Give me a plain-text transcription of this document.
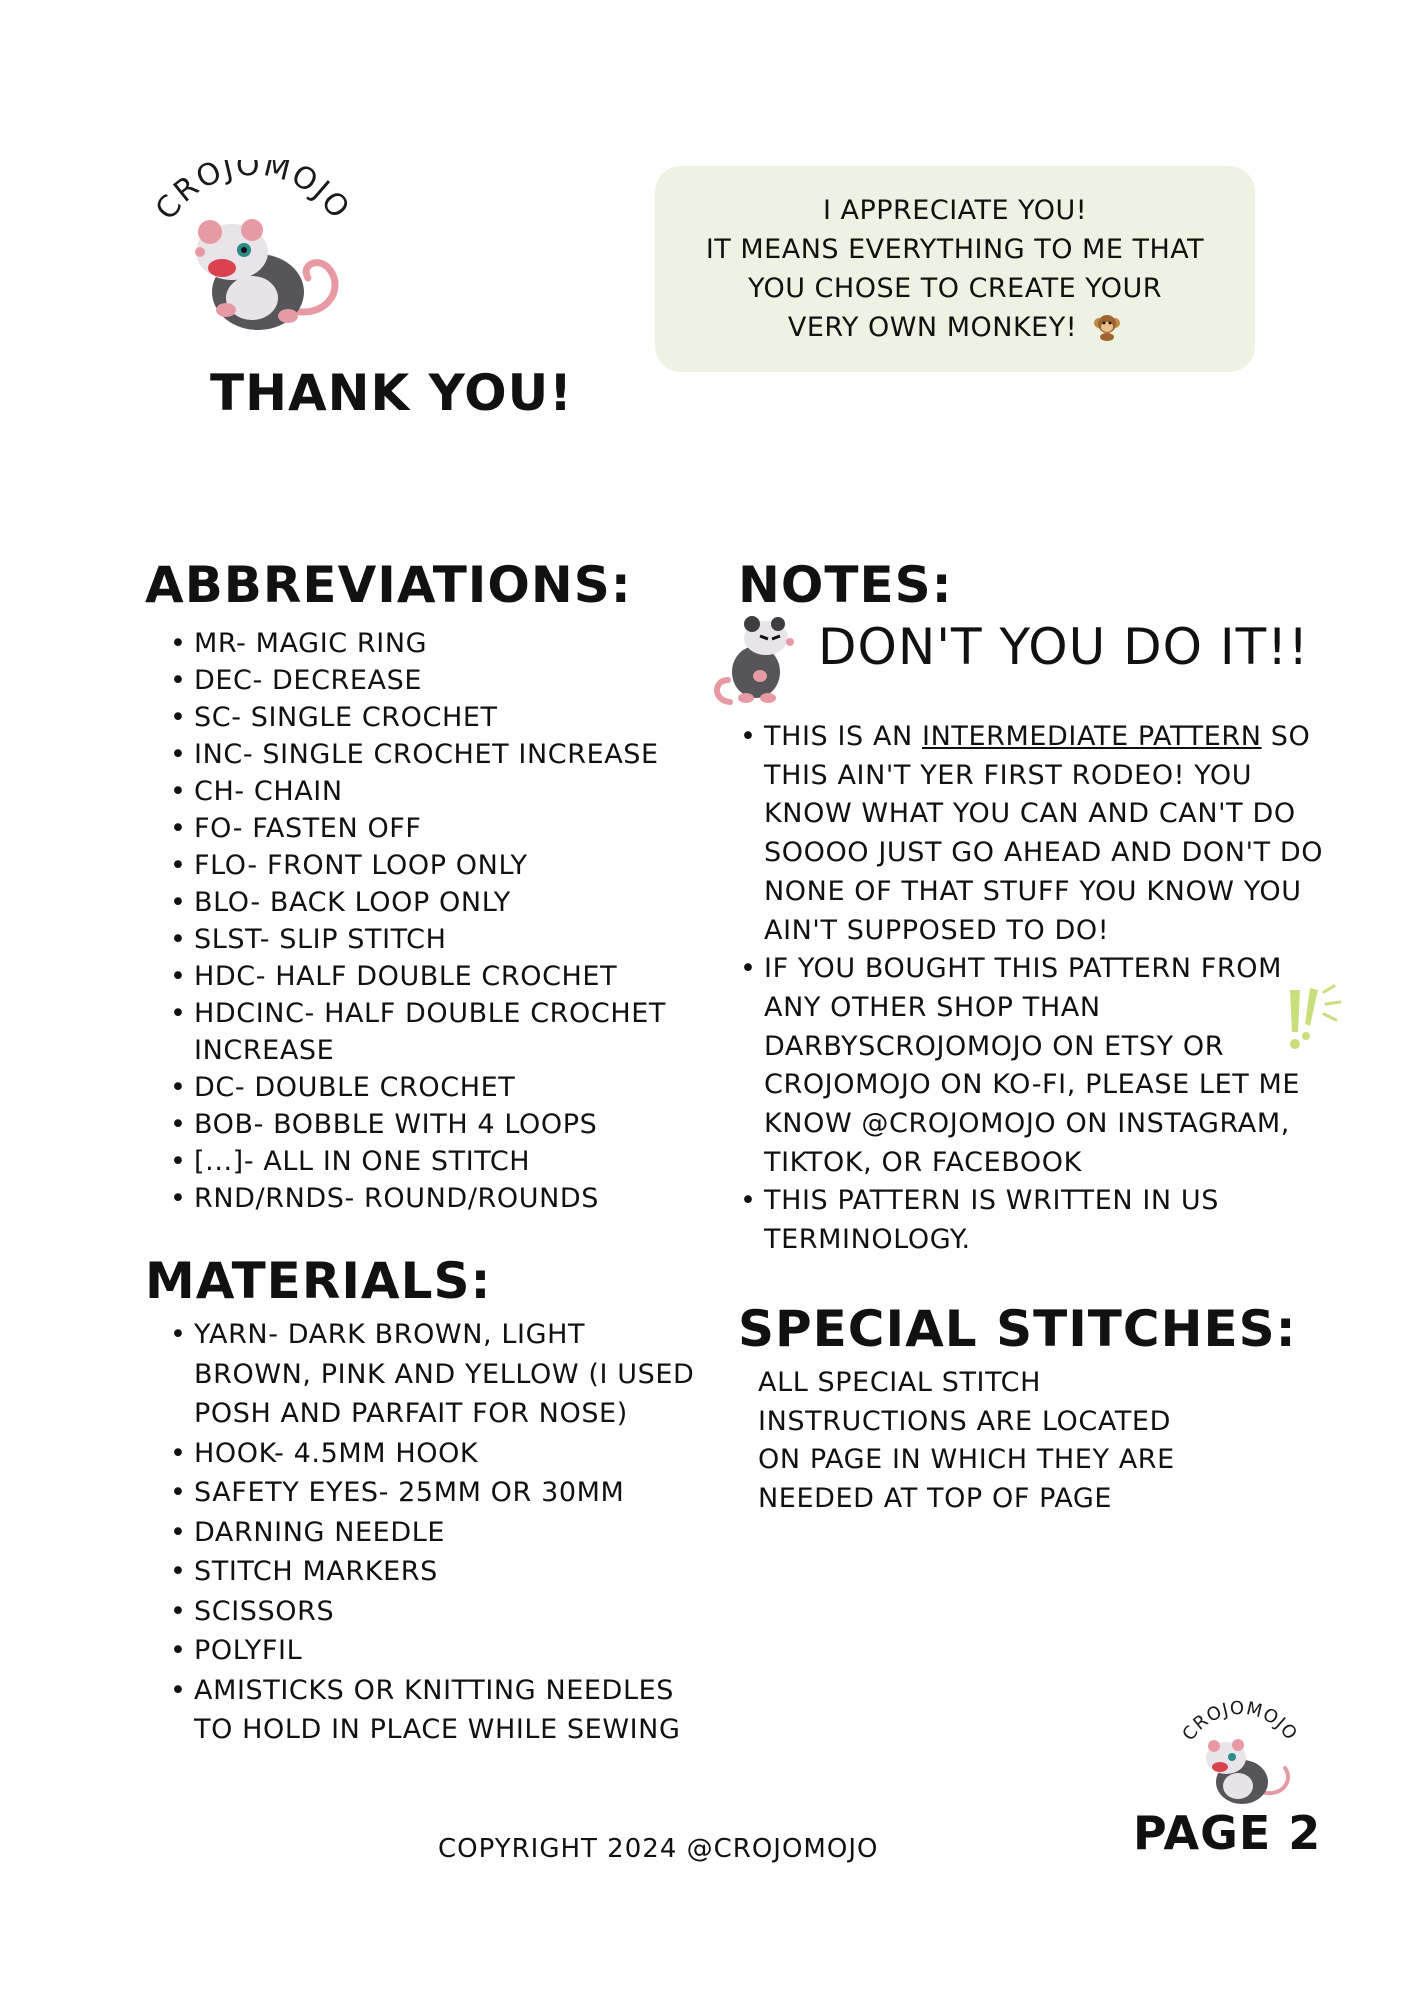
CROJOMOJO
THANK YOU!
I APPRECIATE YOU!
IT MEANS EVERYTHING TO ME THAT
YOU CHOSE TO CREATE YOUR
VERY OWN MONKEY!
ABBREVIATIONS:
• MR- MAGIC RING
• DEC- DECREASE
• SC- SINGLE CROCHET
• INC- SINGLE CROCHET INCREASE
• CH- CHAIN
• FO- FASTEN OFF
• FLO- FRONT LOOP ONLY
• BLO- BACK LOOP ONLY
• SLST- SLIP STITCH
• HDC- HALF DOUBLE CROCHET
• HDCINC- HALF DOUBLE CROCHET INCREASE
• DC- DOUBLE CROCHET
• BOB- BOBBLE WITH 4 LOOPS
• [...]- ALL IN ONE STITCH
• RND/RNDS- ROUND/ROUNDS
MATERIALS:
• YARN- DARK BROWN, LIGHT BROWN, PINK AND YELLOW (I USED POSH AND PARFAIT FOR NOSE)
• HOOK- 4.5MM HOOK
• SAFETY EYES- 25MM OR 30MM
• DARNING NEEDLE
• STITCH MARKERS
• SCISSORS
• POLYFIL
• AMISTICKS OR KNITTING NEEDLES TO HOLD IN PLACE WHILE SEWING
NOTES:
DON'T YOU DO IT!!
• THIS IS AN INTERMEDIATE PATTERN SO THIS AIN'T YER FIRST RODEO! YOU KNOW WHAT YOU CAN AND CAN'T DO SOOOO JUST GO AHEAD AND DON'T DO NONE OF THAT STUFF YOU KNOW YOU AIN'T SUPPOSED TO DO!
• IF YOU BOUGHT THIS PATTERN FROM ANY OTHER SHOP THAN DARBYSCROJOMOJO ON ETSY OR CROJOMOJO ON KO-FI, PLEASE LET ME KNOW @CROJOMOJO ON INSTAGRAM, TIKTOK, OR FACEBOOK
• THIS PATTERN IS WRITTEN IN US TERMINOLOGY.
SPECIAL STITCHES:
ALL SPECIAL STITCH INSTRUCTIONS ARE LOCATED ON PAGE IN WHICH THEY ARE NEEDED AT TOP OF PAGE
CROJOMOJO
PAGE 2
COPYRIGHT 2024 @CROJOMOJO
